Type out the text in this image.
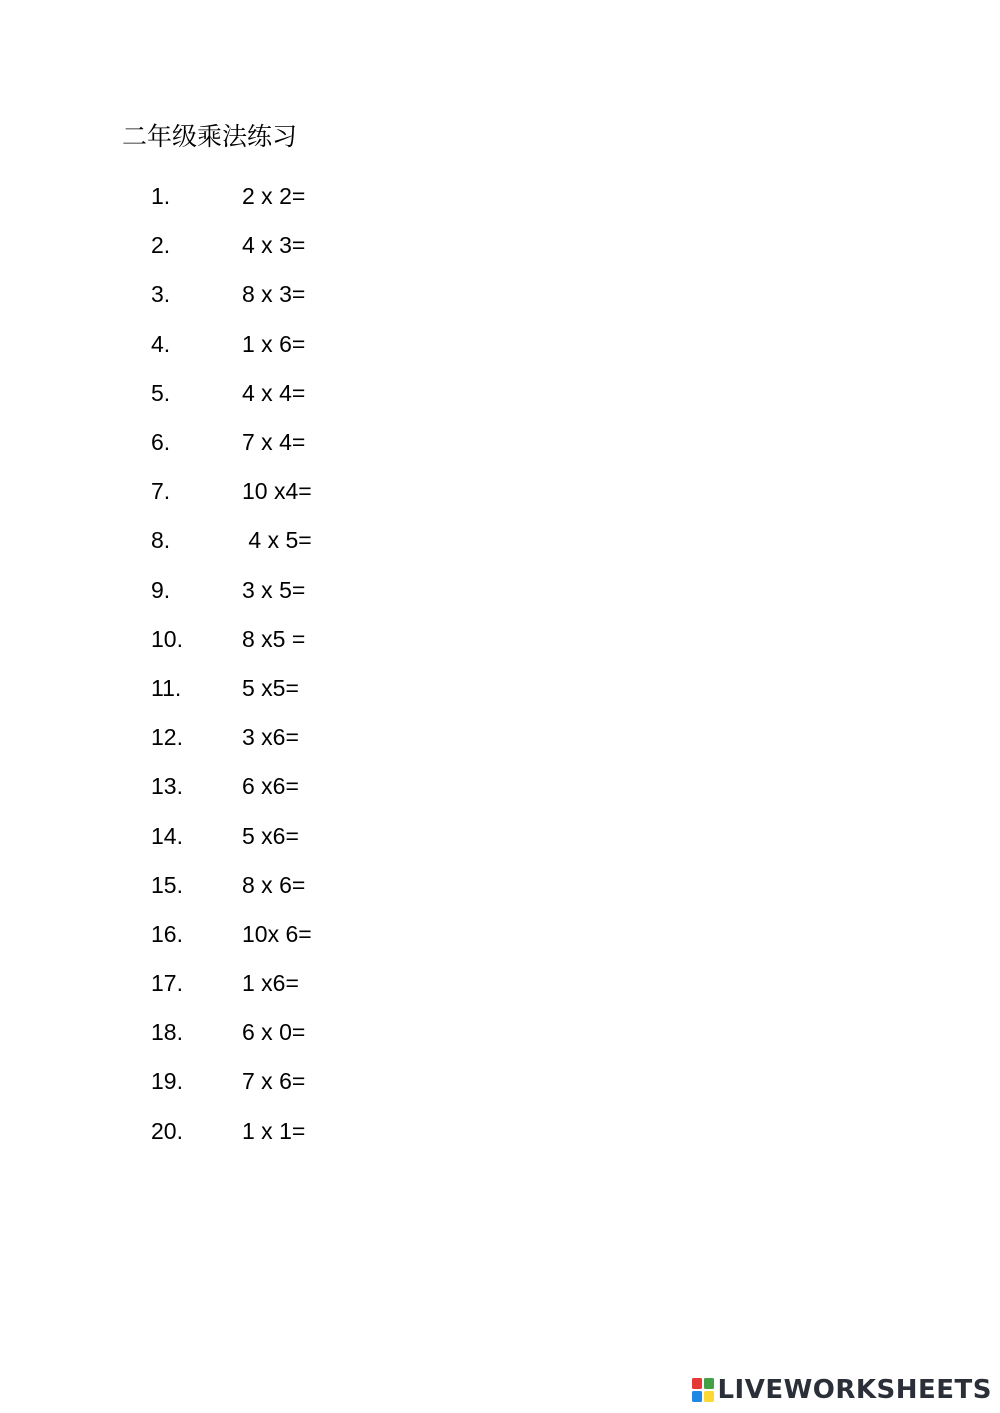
二年级乘法练习
1.	2 x 2=
2.	4 x 3=
3.	8 x 3=
4.	1 x 6=
5.	4 x 4=
6.	7 x 4=
7.	10 x4=
8.	4 x 5=
9.	3 x 5=
10.	8 x5 =
11.	5 x5=
12.	3 x6=
13.	6 x6=
14.	5 x6=
15.	8 x 6=
16.	10x 6=
17.	1 x6=
18.	6 x 0=
19.	7 x 6=
20.	1 x 1=
LIVEWORKSHEETS
